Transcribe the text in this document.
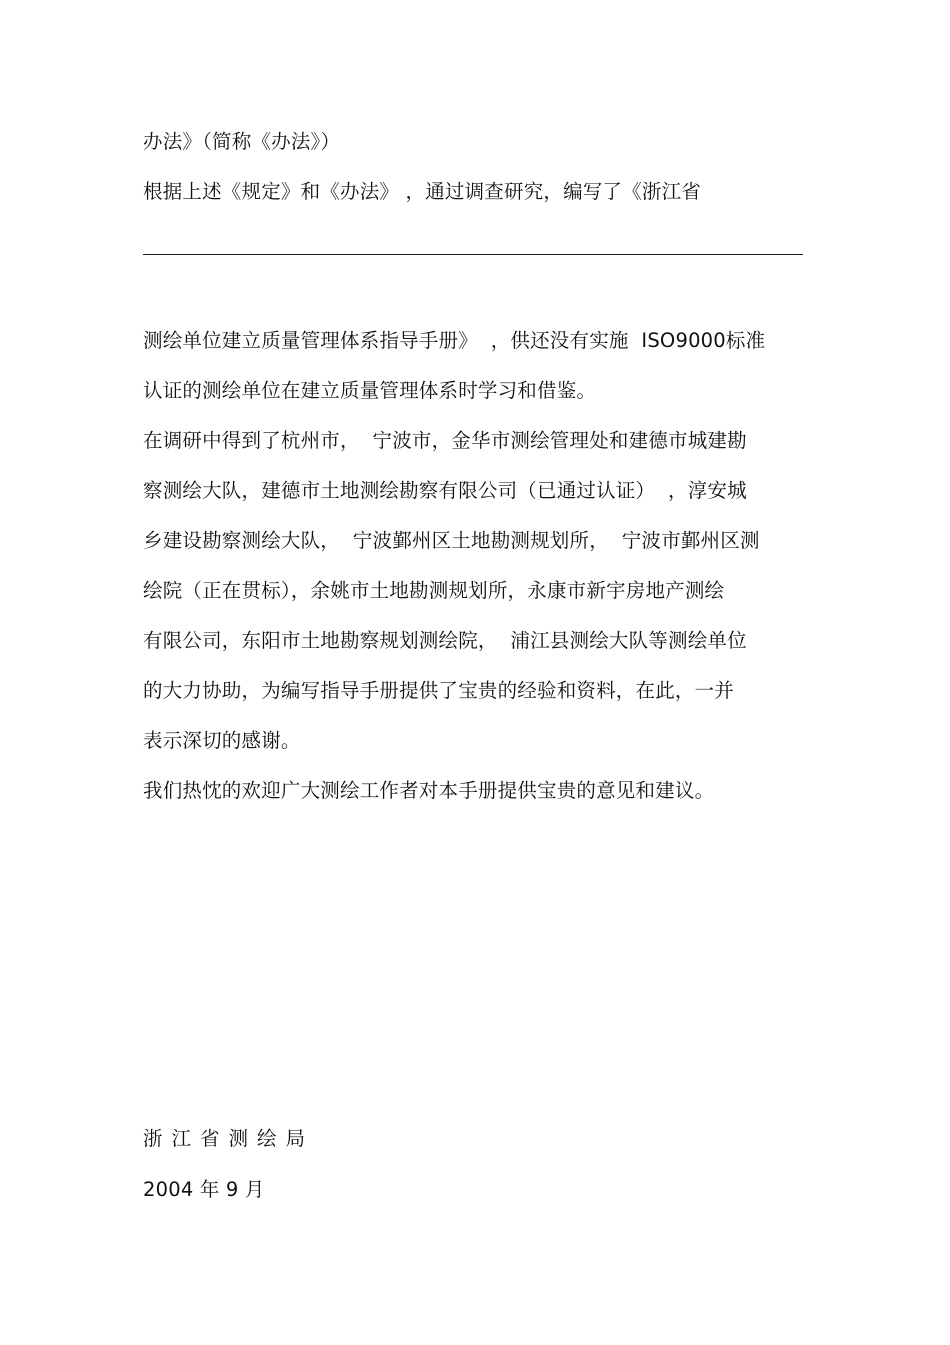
办法》（简称《办法》）
根据上述《规定》和《办法》 ，通过调查研究，编写了《浙江省
测绘单位建立质量管理体系指导手册》  ，供还没有实施  ISO9000标准
认证的测绘单位在建立质量管理体系时学习和借鉴。
在调研中得到了杭州市，  宁波市，金华市测绘管理处和建德市城建勘
察测绘大队，建德市土地测绘勘察有限公司（已通过认证）  ，淳安城
乡建设勘察测绘大队，  宁波鄞州区土地勘测规划所，  宁波市鄞州区测
绘院（正在贯标），余姚市土地勘测规划所，永康市新宇房地产测绘
有限公司，东阳市土地勘察规划测绘院，  浦江县测绘大队等测绘单位
的大力协助，为编写指导手册提供了宝贵的经验和资料，在此，一并
表示深切的感谢。
我们热忱的欢迎广大测绘工作者对本手册提供宝贵的意见和建议。
浙江省测绘局
2004 年 9 月
